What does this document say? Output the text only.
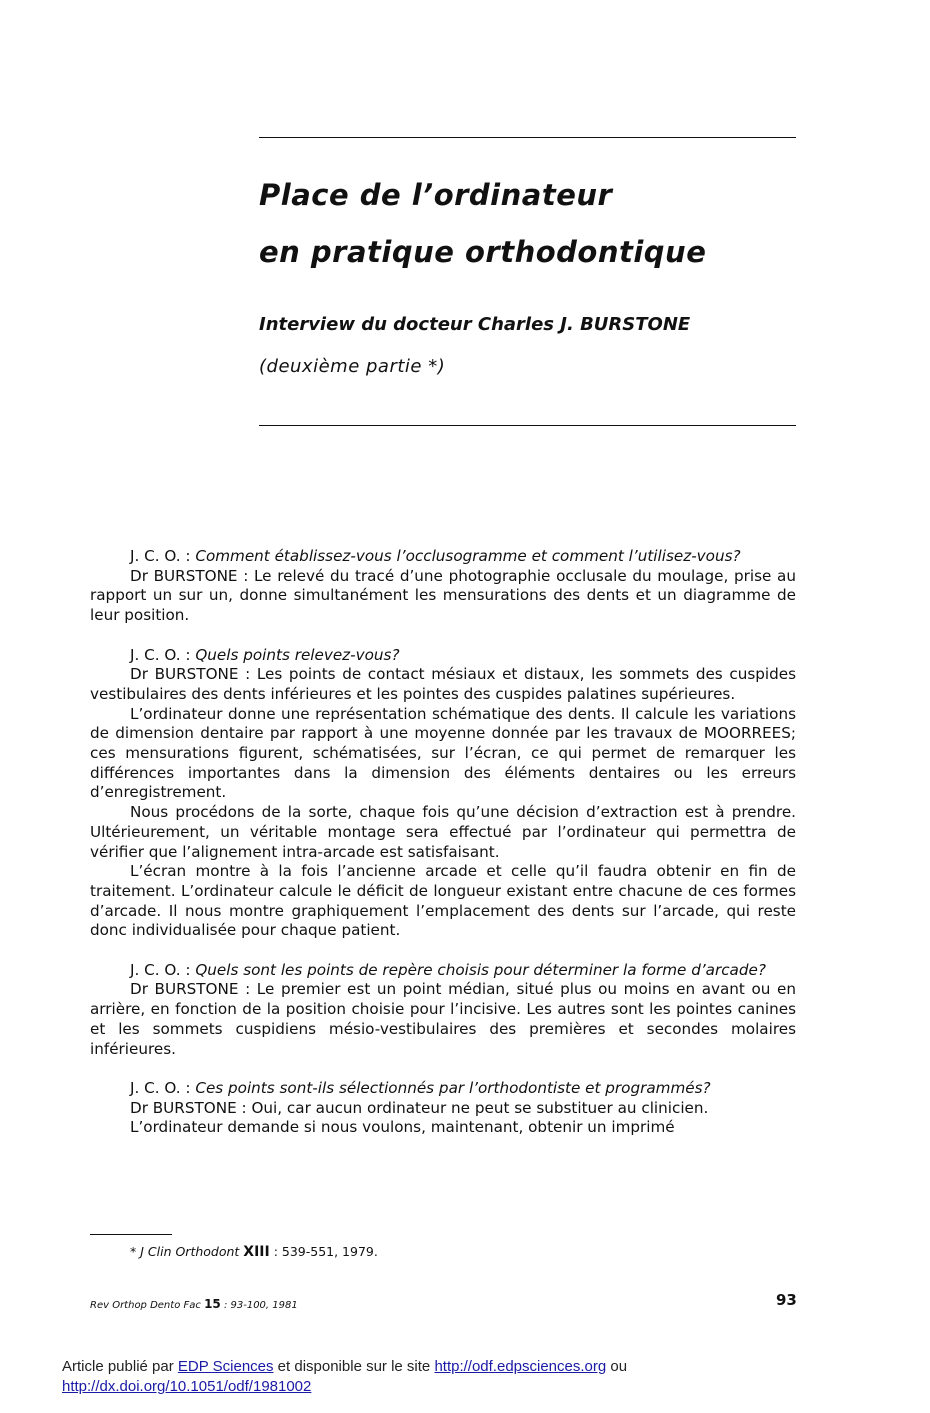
Place de l’ordinateur
en pratique orthodontique
Interview du docteur Charles J. BURSTONE
(deuxième partie *)

J. C. O. : Comment établissez-vous l’occlusogramme et comment l’utilisez-vous?

Dr BURSTONE : Le relevé du tracé d’une photographie occlusale du moulage, prise au rapport un sur un, donne simultanément les mensurations des dents et un diagramme de leur position.

J. C. O. : Quels points relevez-vous?

Dr BURSTONE : Les points de contact mésiaux et distaux, les sommets des cuspides vestibulaires des dents inférieures et les pointes des cuspides palatines supérieures.

L’ordinateur donne une représentation schématique des dents. Il calcule les variations de dimension dentaire par rapport à une moyenne donnée par les travaux de MOORREES; ces mensurations figurent, schématisées, sur l’écran, ce qui permet de remarquer les différences importantes dans la dimension des éléments dentaires ou les erreurs d’enregistrement.

Nous procédons de la sorte, chaque fois qu’une décision d’extraction est à prendre. Ultérieurement, un véritable montage sera effectué par l’ordinateur qui permettra de vérifier que l’alignement intra-arcade est satisfaisant.

L’écran montre à la fois l’ancienne arcade et celle qu’il faudra obtenir en fin de traitement. L’ordinateur calcule le déficit de longueur existant entre chacune de ces formes d’arcade. Il nous montre graphiquement l’emplacement des dents sur l’arcade, qui reste donc individualisée pour chaque patient.

J. C. O. : Quels sont les points de repère choisis pour déterminer la forme d’arcade?

Dr BURSTONE : Le premier est un point médian, situé plus ou moins en avant ou en arrière, en fonction de la position choisie pour l’incisive. Les autres sont les pointes canines et les sommets cuspidiens mésio-vestibulaires des premières et secondes molaires inférieures.

J. C. O. : Ces points sont-ils sélectionnés par l’orthodontiste et programmés?

Dr BURSTONE : Oui, car aucun ordinateur ne peut se substituer au clinicien.

L’ordinateur demande si nous voulons, maintenant, obtenir un imprimé

* J Clin Orthodont XIII : 539-551, 1979.
Rev Orthop Dento Fac 15 : 93-100, 1981	93
Article publié par EDP Sciences et disponible sur le site http://odf.edpsciences.org ou
http://dx.doi.org/10.1051/odf/1981002
